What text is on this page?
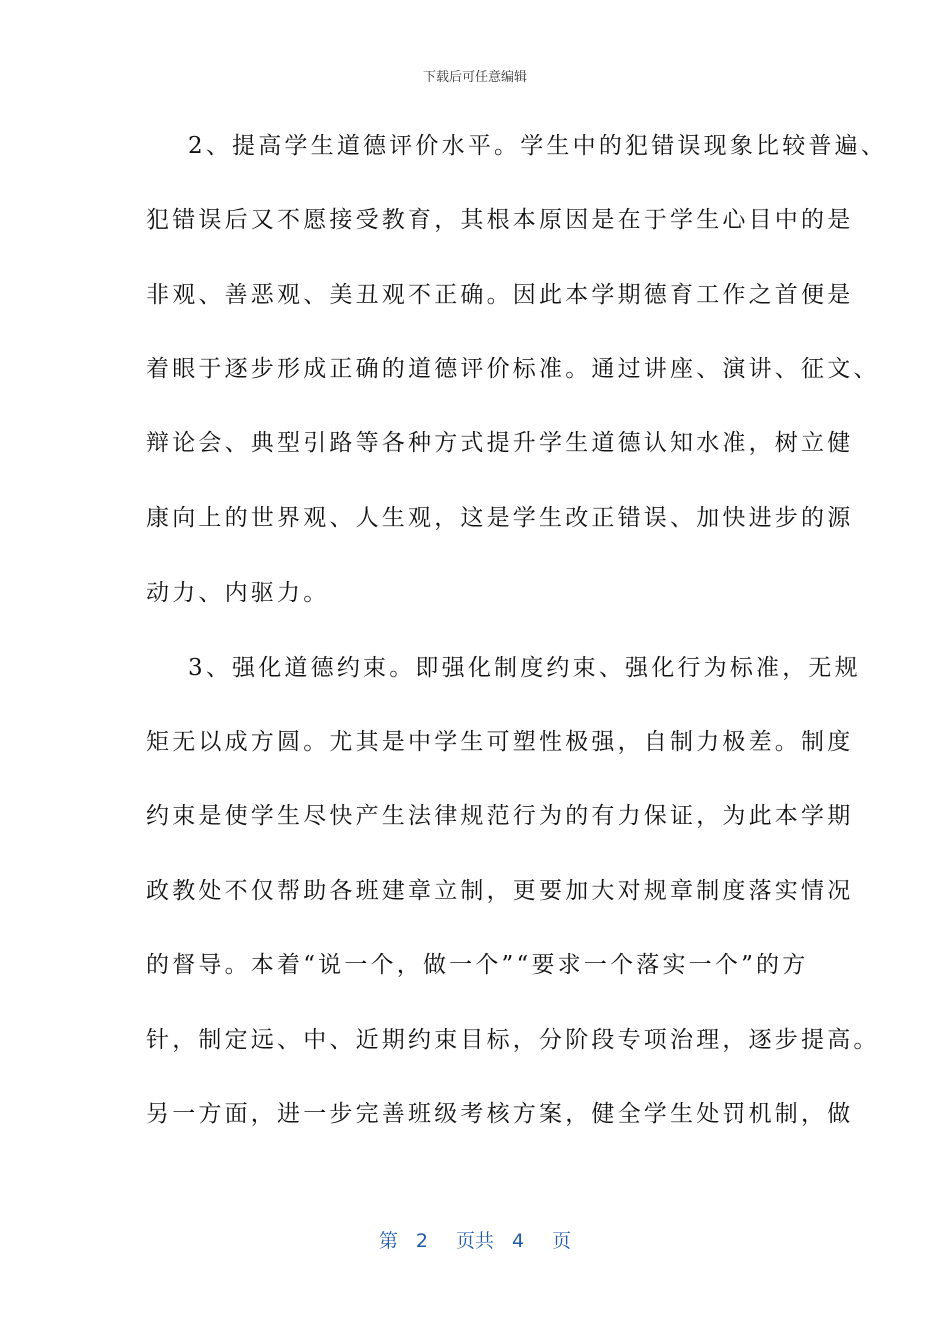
下载后可任意编辑
2、提高学生道德评价水平。学生中的犯错误现象比较普遍、
犯错误后又不愿接受教育，其根本原因是在于学生心目中的是
非观、善恶观、美丑观不正确。因此本学期德育工作之首便是
着眼于逐步形成正确的道德评价标准。通过讲座、演讲、征文、
辩论会、典型引路等各种方式提升学生道德认知水准，树立健
康向上的世界观、人生观，这是学生改正错误、加快进步的源
动力、内驱力。
3、强化道德约束。即强化制度约束、强化行为标准，无规
矩无以成方圆。尤其是中学生可塑性极强，自制力极差。制度
约束是使学生尽快产生法律规范行为的有力保证，为此本学期
政教处不仅帮助各班建章立制，更要加大对规章制度落实情况
的督导。本着“说一个，做一个”“要求一个落实一个”的方
针，制定远、中、近期约束目标，分阶段专项治理，逐步提高。
另一方面，进一步完善班级考核方案，健全学生处罚机制，做
第 2 页共 4 页
